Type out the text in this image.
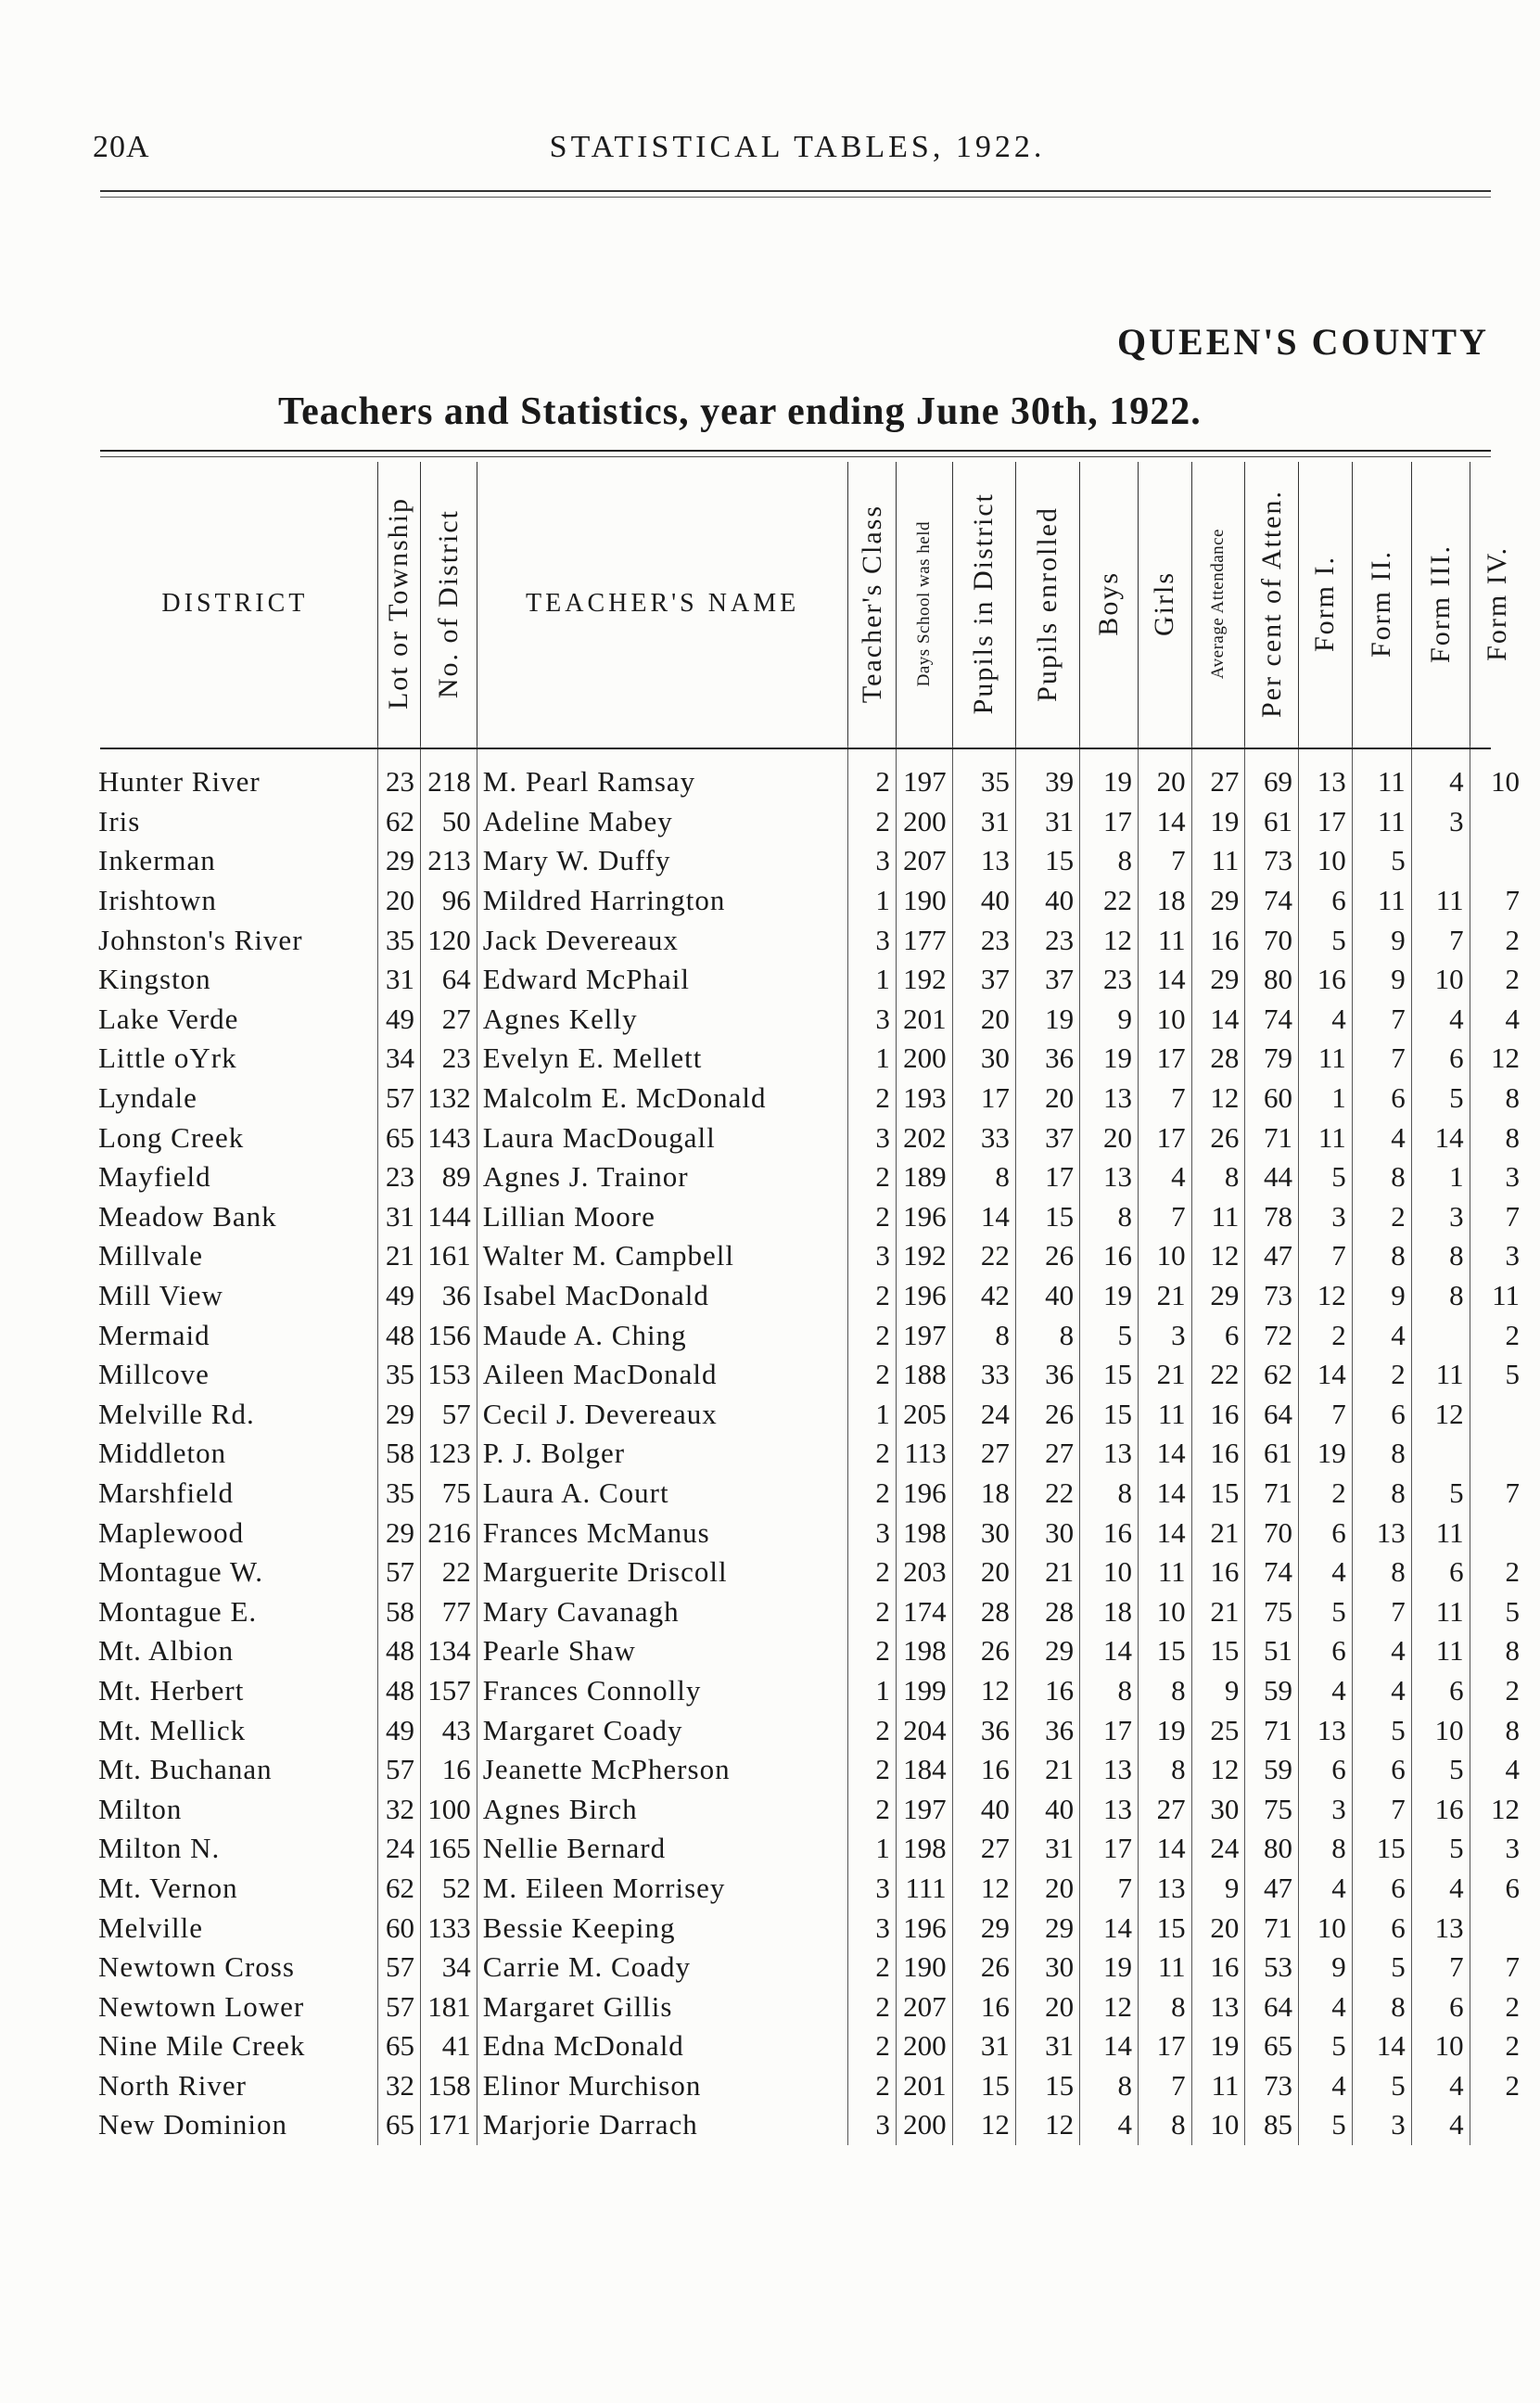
20A	STATISTICAL TABLES, 1922.
QUEEN'S COUNTY
Teachers and Statistics, year ending June 30th, 1922.
DISTRICT	Lot or Township	No. of District	TEACHER'S NAME	Teacher's Class	Days School was held	Pupils in District	Pupils enrolled	Boys	Girls	Average Attendance	Per cent of Atten.	Form I.	Form II.	Form III.	Form IV.

Hunter River	23	218	M. Pearl Ramsay	2	197	35	39	19	20	27	69	13	11	4	10
Iris	62	50	Adeline Mabey	2	200	31	31	17	14	19	61	17	11	3	
Inkerman	29	213	Mary W. Duffy	3	207	13	15	8	7	11	73	10	5		
Irishtown	20	96	Mildred Harrington	1	190	40	40	22	18	29	74	6	11	11	7
Johnston's River	35	120	Jack Devereaux	3	177	23	23	12	11	16	70	5	9	7	2
Kingston	31	64	Edward McPhail	1	192	37	37	23	14	29	80	16	9	10	2
Lake Verde	49	27	Agnes Kelly	3	201	20	19	9	10	14	74	4	7	4	4
Little oYrk	34	23	Evelyn E. Mellett	1	200	30	36	19	17	28	79	11	7	6	12
Lyndale	57	132	Malcolm E. McDonald	2	193	17	20	13	7	12	60	1	6	5	8
Long Creek	65	143	Laura MacDougall	3	202	33	37	20	17	26	71	11	4	14	8
Mayfield	23	89	Agnes J. Trainor	2	189	8	17	13	4	8	44	5	8	1	3
Meadow Bank	31	144	Lillian Moore	2	196	14	15	8	7	11	78	3	2	3	7
Millvale	21	161	Walter M. Campbell	3	192	22	26	16	10	12	47	7	8	8	3
Mill View	49	36	Isabel MacDonald	2	196	42	40	19	21	29	73	12	9	8	11
Mermaid	48	156	Maude A. Ching	2	197	8	8	5	3	6	72	2	4		2
Millcove	35	153	Aileen MacDonald	2	188	33	36	15	21	22	62	14	2	11	5
Melville Rd.	29	57	Cecil J. Devereaux	1	205	24	26	15	11	16	64	7	6	12	
Middleton	58	123	P. J. Bolger	2	113	27	27	13	14	16	61	19	8		
Marshfield	35	75	Laura A. Court	2	196	18	22	8	14	15	71	2	8	5	7
Maplewood	29	216	Frances McManus	3	198	30	30	16	14	21	70	6	13	11	
Montague W.	57	22	Marguerite Driscoll	2	203	20	21	10	11	16	74	4	8	6	2
Montague E.	58	77	Mary Cavanagh	2	174	28	28	18	10	21	75	5	7	11	5
Mt. Albion	48	134	Pearle Shaw	2	198	26	29	14	15	15	51	6	4	11	8
Mt. Herbert	48	157	Frances Connolly	1	199	12	16	8	8	9	59	4	4	6	2
Mt. Mellick	49	43	Margaret Coady	2	204	36	36	17	19	25	71	13	5	10	8
Mt. Buchanan	57	16	Jeanette McPherson	2	184	16	21	13	8	12	59	6	6	5	4
Milton	32	100	Agnes Birch	2	197	40	40	13	27	30	75	3	7	16	12
Milton N.	24	165	Nellie Bernard	1	198	27	31	17	14	24	80	8	15	5	3
Mt. Vernon	62	52	M. Eileen Morrisey	3	111	12	20	7	13	9	47	4	6	4	6
Melville	60	133	Bessie Keeping	3	196	29	29	14	15	20	71	10	6	13	
Newtown Cross	57	34	Carrie M. Coady	2	190	26	30	19	11	16	53	9	5	7	7
Newtown Lower	57	181	Margaret Gillis	2	207	16	20	12	8	13	64	4	8	6	2
Nine Mile Creek	65	41	Edna McDonald	2	200	31	31	14	17	19	65	5	14	10	2
North River	32	158	Elinor Murchison	2	201	15	15	8	7	11	73	4	5	4	2
New Dominion	65	171	Marjorie Darrach	3	200	12	12	4	8	10	85	5	3	4	
